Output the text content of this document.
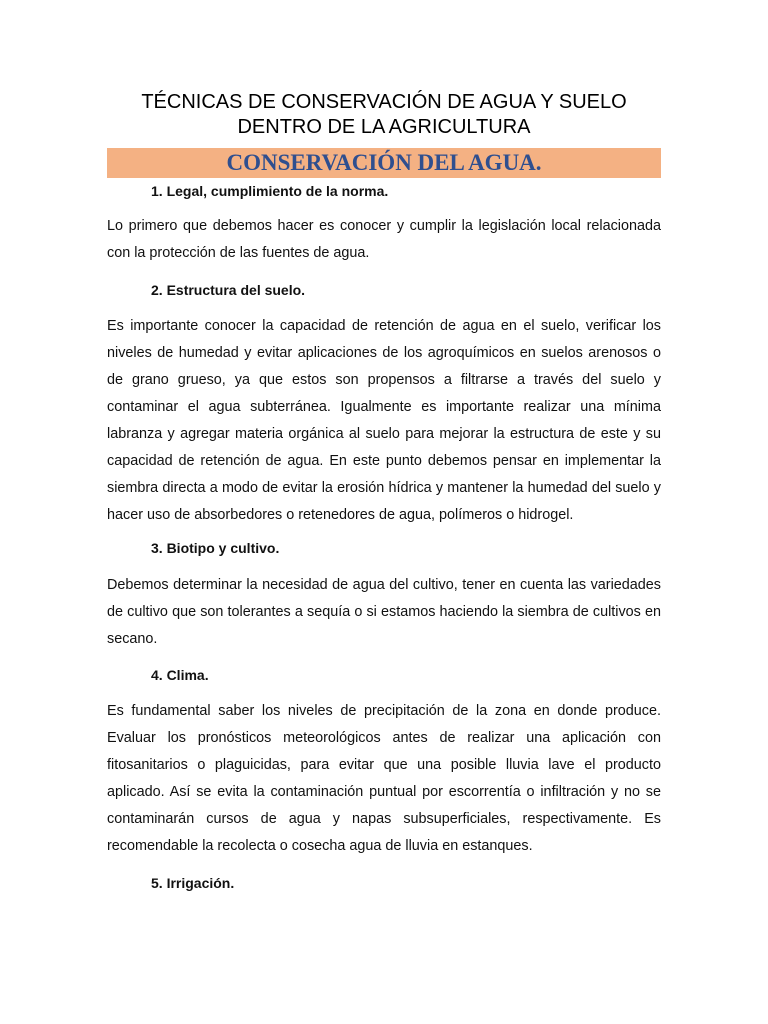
TÉCNICAS DE CONSERVACIÓN DE AGUA Y SUELO
DENTRO DE LA AGRICULTURA
CONSERVACIÓN DEL AGUA.

1. Legal, cumplimiento de la norma.

Lo primero que debemos hacer es conocer y cumplir la legislación local relacionada con la protección de las fuentes de agua.

2. Estructura del suelo.

Es importante conocer la capacidad de retención de agua en el suelo, verificar los niveles de humedad y evitar aplicaciones de los agroquímicos en suelos arenosos o de grano grueso, ya que estos son propensos a filtrarse a través del suelo y contaminar el agua subterránea. Igualmente es importante realizar una mínima labranza y agregar materia orgánica al suelo para mejorar la estructura de este y su capacidad de retención de agua. En este punto debemos pensar en implementar la siembra directa a modo de evitar la erosión hídrica y mantener la humedad del suelo y hacer uso de absorbedores o retenedores de agua, polímeros o hidrogel.

3. Biotipo y cultivo.

Debemos determinar la necesidad de agua del cultivo, tener en cuenta las variedades de cultivo que son tolerantes a sequía o si estamos haciendo la siembra de cultivos en secano.

4. Clima.

Es fundamental saber los niveles de precipitación de la zona en donde produce. Evaluar los pronósticos meteorológicos antes de realizar una aplicación con fitosanitarios o plaguicidas, para evitar que una posible lluvia lave el producto aplicado. Así se evita la contaminación puntual por escorrentía o infiltración y no se contaminarán cursos de agua y napas subsuperficiales, respectivamente. Es recomendable la recolecta o cosecha agua de lluvia en estanques.

5. Irrigación.
